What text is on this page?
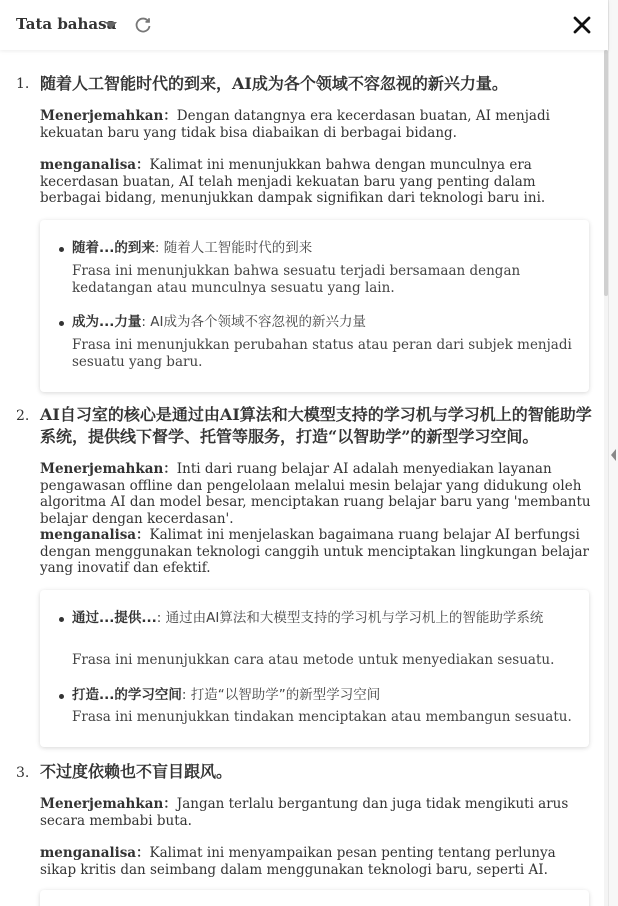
Tata bahasa
1. 随着人工智能时代的到来，AI成为各个领域不容忽视的新兴力量。
Menerjemahkan：Dengan datangnya era kecerdasan buatan, AI menjadi kekuatan baru yang tidak bisa diabaikan di berbagai bidang.
menganalisa：Kalimat ini menunjukkan bahwa dengan munculnya era kecerdasan buatan, AI telah menjadi kekuatan baru yang penting dalam berbagai bidang, menunjukkan dampak signifikan dari teknologi baru ini.
随着...的到来: 随着人工智能时代的到来
Frasa ini menunjukkan bahwa sesuatu terjadi bersamaan dengan kedatangan atau munculnya sesuatu yang lain.
成为...力量: AI成为各个领域不容忽视的新兴力量
Frasa ini menunjukkan perubahan status atau peran dari subjek menjadi sesuatu yang baru.
2. AI自习室的核心是通过由AI算法和大模型支持的学习机与学习机上的智能助学系统，提供线下督学、托管等服务，打造“以智助学”的新型学习空间。
Menerjemahkan：Inti dari ruang belajar AI adalah menyediakan layanan pengawasan offline dan pengelolaan melalui mesin belajar yang didukung oleh algoritma AI dan model besar, menciptakan ruang belajar baru yang 'membantu belajar dengan kecerdasan'.
menganalisa：Kalimat ini menjelaskan bagaimana ruang belajar AI berfungsi dengan menggunakan teknologi canggih untuk menciptakan lingkungan belajar yang inovatif dan efektif.
通过...提供...: 通过由AI算法和大模型支持的学习机与学习机上的智能助学系统
Frasa ini menunjukkan cara atau metode untuk menyediakan sesuatu.
打造...的学习空间: 打造“以智助学”的新型学习空间
Frasa ini menunjukkan tindakan menciptakan atau membangun sesuatu.
3. 不过度依赖也不盲目跟风。
Menerjemahkan：Jangan terlalu bergantung dan juga tidak mengikuti arus secara membabi buta.
menganalisa：Kalimat ini menyampaikan pesan penting tentang perlunya sikap kritis dan seimbang dalam menggunakan teknologi baru, seperti AI.
